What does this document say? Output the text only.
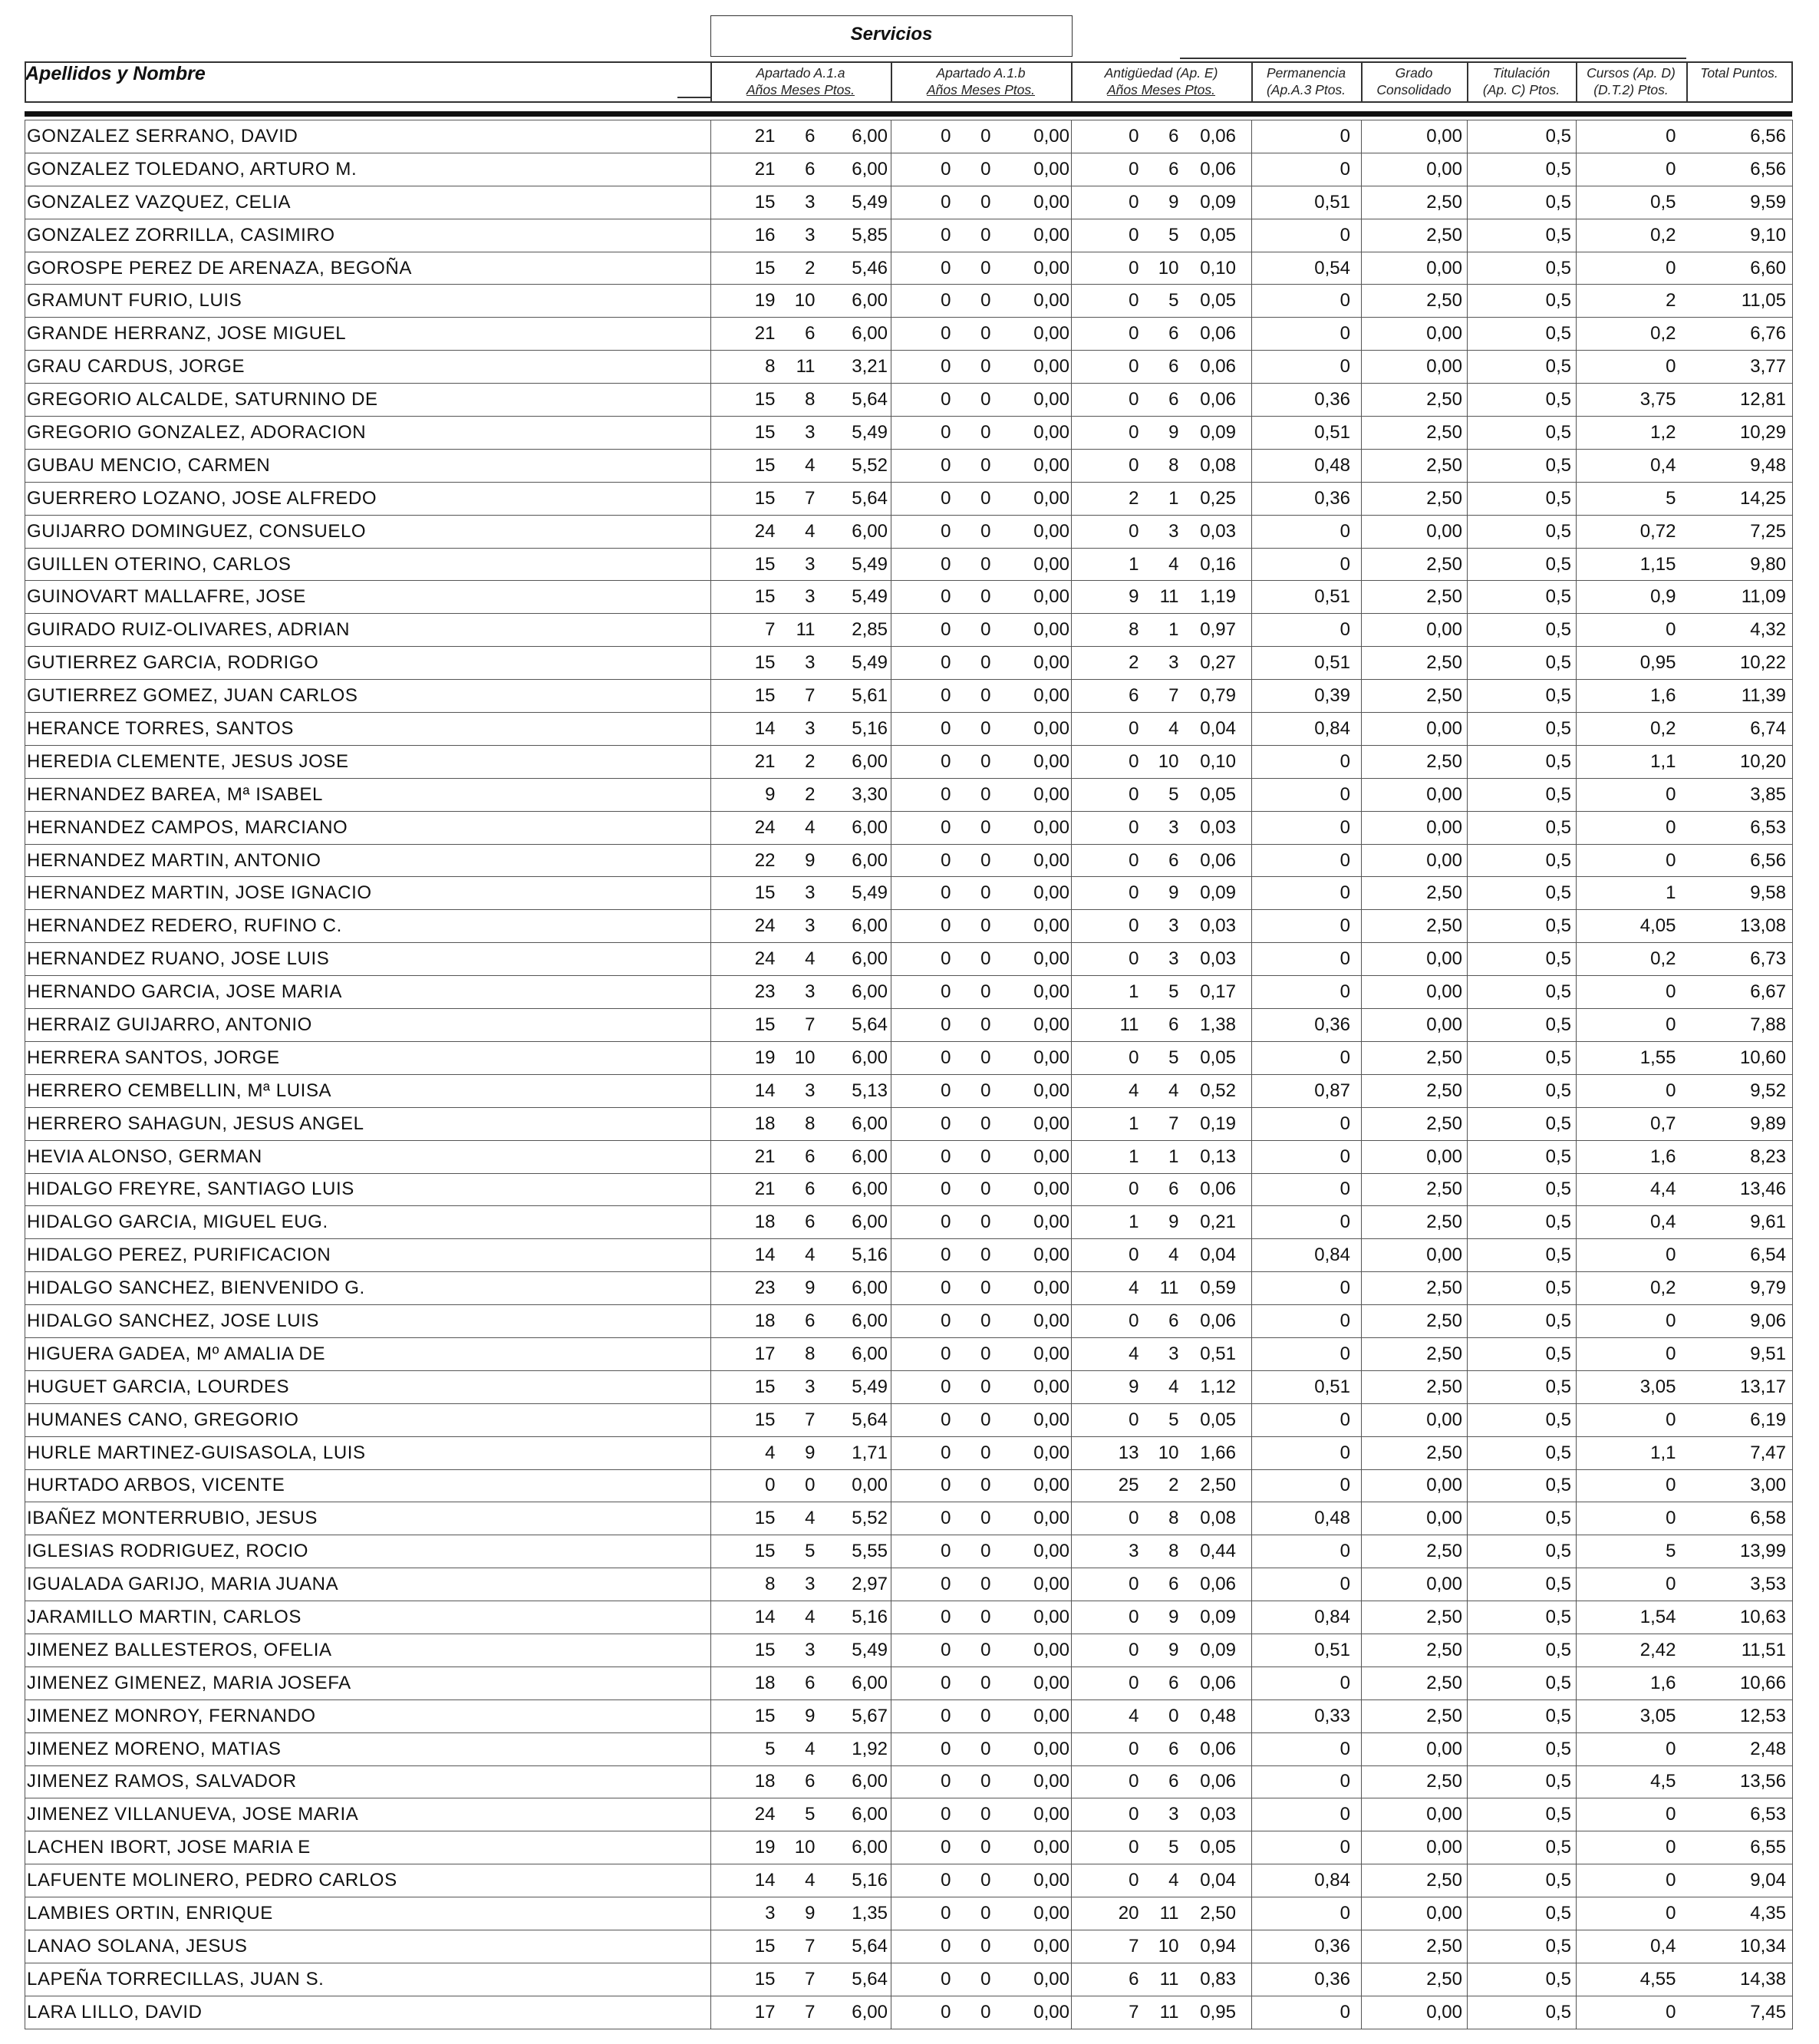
Apellidos y Nombre
Servicios
Apartado A.1.a
Años Meses Ptos.
Apartado A.1.b
Años Meses Ptos.
Antigüedad (Ap. E)
Años Meses Ptos.
Permanencia
(Ap.A.3 Ptos.
Grado
Consolidado
Titulación
(Ap. C) Ptos.
Cursos (Ap. D)
(D.T.2) Ptos.
Total Puntos.
GONZALEZ SERRANO, DAVID	21	6	6,00	0	0	0,00	0	6	0,06	0	0,00	0,5	0	6,56
GONZALEZ TOLEDANO, ARTURO M.	21	6	6,00	0	0	0,00	0	6	0,06	0	0,00	0,5	0	6,56
GONZALEZ VAZQUEZ, CELIA	15	3	5,49	0	0	0,00	0	9	0,09	0,51	2,50	0,5	0,5	9,59
GONZALEZ ZORRILLA, CASIMIRO	16	3	5,85	0	0	0,00	0	5	0,05	0	2,50	0,5	0,2	9,10
GOROSPE PEREZ DE ARENAZA, BEGOÑA	15	2	5,46	0	0	0,00	0	10	0,10	0,54	0,00	0,5	0	6,60
GRAMUNT FURIO, LUIS	19	10	6,00	0	0	0,00	0	5	0,05	0	2,50	0,5	2	11,05
GRANDE HERRANZ, JOSE MIGUEL	21	6	6,00	0	0	0,00	0	6	0,06	0	0,00	0,5	0,2	6,76
GRAU CARDUS, JORGE	8	11	3,21	0	0	0,00	0	6	0,06	0	0,00	0,5	0	3,77
GREGORIO ALCALDE, SATURNINO DE	15	8	5,64	0	0	0,00	0	6	0,06	0,36	2,50	0,5	3,75	12,81
GREGORIO GONZALEZ, ADORACION	15	3	5,49	0	0	0,00	0	9	0,09	0,51	2,50	0,5	1,2	10,29
GUBAU MENCIO, CARMEN	15	4	5,52	0	0	0,00	0	8	0,08	0,48	2,50	0,5	0,4	9,48
GUERRERO LOZANO, JOSE ALFREDO	15	7	5,64	0	0	0,00	2	1	0,25	0,36	2,50	0,5	5	14,25
GUIJARRO DOMINGUEZ, CONSUELO	24	4	6,00	0	0	0,00	0	3	0,03	0	0,00	0,5	0,72	7,25
GUILLEN OTERINO, CARLOS	15	3	5,49	0	0	0,00	1	4	0,16	0	2,50	0,5	1,15	9,80
GUINOVART MALLAFRE, JOSE	15	3	5,49	0	0	0,00	9	11	1,19	0,51	2,50	0,5	0,9	11,09
GUIRADO RUIZ-OLIVARES, ADRIAN	7	11	2,85	0	0	0,00	8	1	0,97	0	0,00	0,5	0	4,32
GUTIERREZ GARCIA, RODRIGO	15	3	5,49	0	0	0,00	2	3	0,27	0,51	2,50	0,5	0,95	10,22
GUTIERREZ GOMEZ, JUAN CARLOS	15	7	5,61	0	0	0,00	6	7	0,79	0,39	2,50	0,5	1,6	11,39
HERANCE TORRES, SANTOS	14	3	5,16	0	0	0,00	0	4	0,04	0,84	0,00	0,5	0,2	6,74
HEREDIA CLEMENTE, JESUS JOSE	21	2	6,00	0	0	0,00	0	10	0,10	0	2,50	0,5	1,1	10,20
HERNANDEZ BAREA, Mª ISABEL	9	2	3,30	0	0	0,00	0	5	0,05	0	0,00	0,5	0	3,85
HERNANDEZ CAMPOS, MARCIANO	24	4	6,00	0	0	0,00	0	3	0,03	0	0,00	0,5	0	6,53
HERNANDEZ MARTIN, ANTONIO	22	9	6,00	0	0	0,00	0	6	0,06	0	0,00	0,5	0	6,56
HERNANDEZ MARTIN, JOSE IGNACIO	15	3	5,49	0	0	0,00	0	9	0,09	0	2,50	0,5	1	9,58
HERNANDEZ REDERO, RUFINO C.	24	3	6,00	0	0	0,00	0	3	0,03	0	2,50	0,5	4,05	13,08
HERNANDEZ RUANO, JOSE LUIS	24	4	6,00	0	0	0,00	0	3	0,03	0	0,00	0,5	0,2	6,73
HERNANDO GARCIA, JOSE MARIA	23	3	6,00	0	0	0,00	1	5	0,17	0	0,00	0,5	0	6,67
HERRAIZ GUIJARRO, ANTONIO	15	7	5,64	0	0	0,00	11	6	1,38	0,36	0,00	0,5	0	7,88
HERRERA SANTOS, JORGE	19	10	6,00	0	0	0,00	0	5	0,05	0	2,50	0,5	1,55	10,60
HERRERO CEMBELLIN, Mª LUISA	14	3	5,13	0	0	0,00	4	4	0,52	0,87	2,50	0,5	0	9,52
HERRERO SAHAGUN, JESUS ANGEL	18	8	6,00	0	0	0,00	1	7	0,19	0	2,50	0,5	0,7	9,89
HEVIA ALONSO, GERMAN	21	6	6,00	0	0	0,00	1	1	0,13	0	0,00	0,5	1,6	8,23
HIDALGO FREYRE, SANTIAGO LUIS	21	6	6,00	0	0	0,00	0	6	0,06	0	2,50	0,5	4,4	13,46
HIDALGO GARCIA, MIGUEL EUG.	18	6	6,00	0	0	0,00	1	9	0,21	0	2,50	0,5	0,4	9,61
HIDALGO PEREZ, PURIFICACION	14	4	5,16	0	0	0,00	0	4	0,04	0,84	0,00	0,5	0	6,54
HIDALGO SANCHEZ, BIENVENIDO G.	23	9	6,00	0	0	0,00	4	11	0,59	0	2,50	0,5	0,2	9,79
HIDALGO SANCHEZ, JOSE LUIS	18	6	6,00	0	0	0,00	0	6	0,06	0	2,50	0,5	0	9,06
HIGUERA GADEA, Mº AMALIA DE	17	8	6,00	0	0	0,00	4	3	0,51	0	2,50	0,5	0	9,51
HUGUET GARCIA, LOURDES	15	3	5,49	0	0	0,00	9	4	1,12	0,51	2,50	0,5	3,05	13,17
HUMANES CANO, GREGORIO	15	7	5,64	0	0	0,00	0	5	0,05	0	0,00	0,5	0	6,19
HURLE MARTINEZ-GUISASOLA, LUIS	4	9	1,71	0	0	0,00	13	10	1,66	0	2,50	0,5	1,1	7,47
HURTADO ARBOS, VICENTE	0	0	0,00	0	0	0,00	25	2	2,50	0	0,00	0,5	0	3,00
IBAÑEZ MONTERRUBIO, JESUS	15	4	5,52	0	0	0,00	0	8	0,08	0,48	0,00	0,5	0	6,58
IGLESIAS RODRIGUEZ, ROCIO	15	5	5,55	0	0	0,00	3	8	0,44	0	2,50	0,5	5	13,99
IGUALADA GARIJO, MARIA JUANA	8	3	2,97	0	0	0,00	0	6	0,06	0	0,00	0,5	0	3,53
JARAMILLO MARTIN, CARLOS	14	4	5,16	0	0	0,00	0	9	0,09	0,84	2,50	0,5	1,54	10,63
JIMENEZ BALLESTEROS, OFELIA	15	3	5,49	0	0	0,00	0	9	0,09	0,51	2,50	0,5	2,42	11,51
JIMENEZ GIMENEZ, MARIA JOSEFA	18	6	6,00	0	0	0,00	0	6	0,06	0	2,50	0,5	1,6	10,66
JIMENEZ MONROY, FERNANDO	15	9	5,67	0	0	0,00	4	0	0,48	0,33	2,50	0,5	3,05	12,53
JIMENEZ MORENO, MATIAS	5	4	1,92	0	0	0,00	0	6	0,06	0	0,00	0,5	0	2,48
JIMENEZ RAMOS, SALVADOR	18	6	6,00	0	0	0,00	0	6	0,06	0	2,50	0,5	4,5	13,56
JIMENEZ VILLANUEVA, JOSE MARIA	24	5	6,00	0	0	0,00	0	3	0,03	0	0,00	0,5	0	6,53
LACHEN IBORT, JOSE MARIA E	19	10	6,00	0	0	0,00	0	5	0,05	0	0,00	0,5	0	6,55
LAFUENTE MOLINERO, PEDRO CARLOS	14	4	5,16	0	0	0,00	0	4	0,04	0,84	2,50	0,5	0	9,04
LAMBIES ORTIN, ENRIQUE	3	9	1,35	0	0	0,00	20	11	2,50	0	0,00	0,5	0	4,35
LANAO SOLANA, JESUS	15	7	5,64	0	0	0,00	7	10	0,94	0,36	2,50	0,5	0,4	10,34
LAPEÑA TORRECILLAS, JUAN S.	15	7	5,64	0	0	0,00	6	11	0,83	0,36	2,50	0,5	4,55	14,38
LARA LILLO, DAVID	17	7	6,00	0	0	0,00	7	11	0,95	0	0,00	0,5	0	7,45
